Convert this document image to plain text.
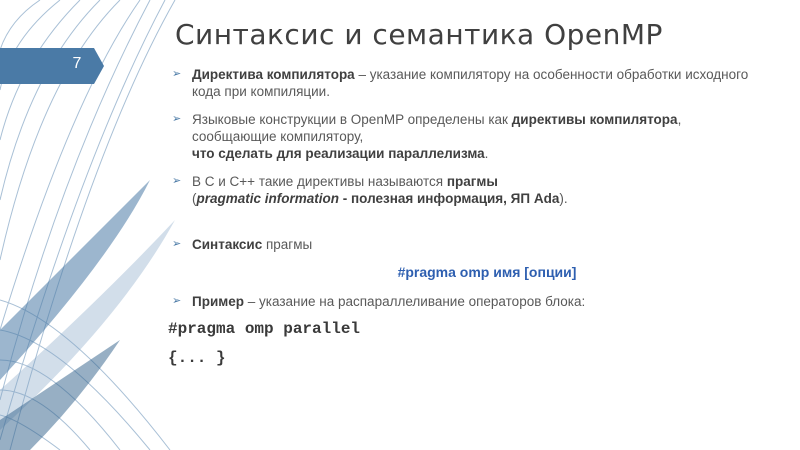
Синтаксис и семантика OpenMP
7
➢ Директива компилятора – указание компилятору на особенности обработки исходного кода при компиляции.
➢ Языковые конструкции в OpenMP определены как директивы компилятора, сообщающие компилятору,
что сделать для реализации параллелизма.
➢ В C и C++ такие директивы называются прагмы
(pragmatic information - полезная информация, ЯП Ada).
➢ Синтаксис прагмы
#pragma omp имя [опции]
➢ Пример – указание на распараллеливание операторов блока:
#pragma omp parallel
{... }
